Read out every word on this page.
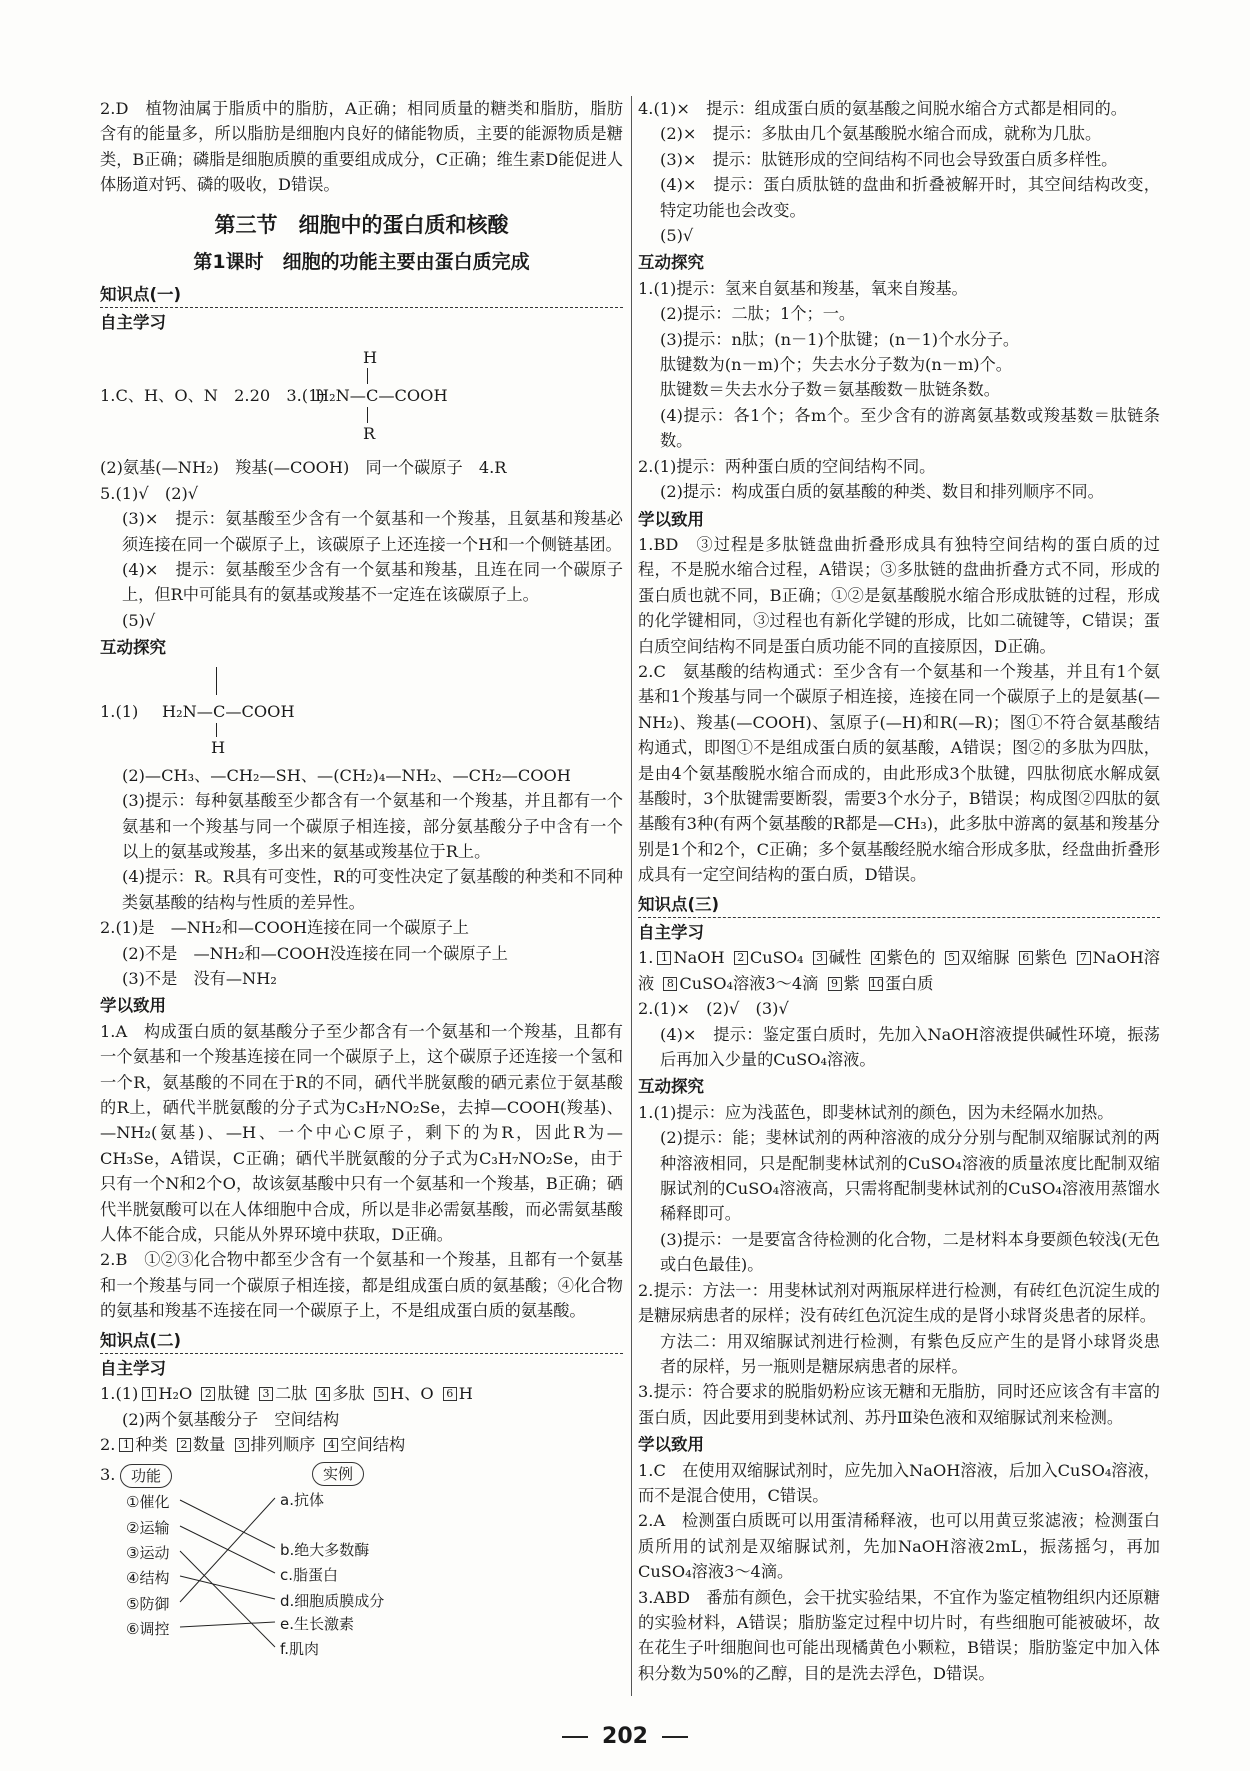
2.D　植物油属于脂质中的脂肪，A正确；相同质量的糖类和脂肪，脂肪含有的能量多，所以脂肪是细胞内良好的储能物质，主要的能源物质是糖类，B正确；磷脂是细胞质膜的重要组成成分，C正确；维生素D能促进人体肠道对钙、磷的吸收，D错误。

第三节　细胞中的蛋白质和核酸
第1课时　细胞的功能主要由蛋白质完成
知识点(一)
自主学习
1.C、H、O、N　2.20　3.(1)
H
H₂N—C—COOH
R

(2)氨基(—NH₂)　羧基(—COOH)　同一个碳原子　4.R

5.(1)√　(2)√

(3)×　提示：氨基酸至少含有一个氨基和一个羧基，且氨基和羧基必须连接在同一个碳原子上，该碳原子上还连接一个H和一个侧链基团。

(4)×　提示：氨基酸至少含有一个氨基和羧基，且连在同一个碳原子上，但R中可能具有的氨基或羧基不一定连在该碳原子上。

(5)√

互动探究
1.(1) H₂N—C—COOH
H

(2)—CH₃、—CH₂—SH、—(CH₂)₄—NH₂、—CH₂—COOH

(3)提示：每种氨基酸至少都含有一个氨基和一个羧基，并且都有一个氨基和一个羧基与同一个碳原子相连接，部分氨基酸分子中含有一个以上的氨基或羧基，多出来的氨基或羧基位于R上。

(4)提示：R。R具有可变性，R的可变性决定了氨基酸的种类和不同种类氨基酸的结构与性质的差异性。

2.(1)是　—NH₂和—COOH连接在同一个碳原子上

(2)不是　—NH₂和—COOH没连接在同一个碳原子上

(3)不是　没有—NH₂

学以致用

1.A　构成蛋白质的氨基酸分子至少都含有一个氨基和一个羧基，且都有一个氨基和一个羧基连接在同一个碳原子上，这个碳原子还连接一个氢和一个R，氨基酸的不同在于R的不同，硒代半胱氨酸的硒元素位于氨基酸的R上，硒代半胱氨酸的分子式为C₃H₇NO₂Se，去掉—COOH(羧基)、—NH₂(氨基)、—H、一个中心C原子，剩下的为R，因此R为—CH₃Se，A错误，C正确；硒代半胱氨酸的分子式为C₃H₇NO₂Se，由于只有一个N和2个O，故该氨基酸中只有一个氨基和一个羧基，B正确；硒代半胱氨酸可以在人体细胞中合成，所以是非必需氨基酸，而必需氨基酸人体不能合成，只能从外界环境中获取，D正确。

2.B　①②③化合物中都至少含有一个氨基和一个羧基，且都有一个氨基和一个羧基与同一个碳原子相连接，都是组成蛋白质的氨基酸；④化合物的氨基和羧基不连接在同一个碳原子上，不是组成蛋白质的氨基酸。

知识点(二)
自主学习

1.(1) 1 H₂O 2 肽键 3 二肽 4 多肽 5 H、O 6 H

(2)两个氨基酸分子　空间结构

2. 1 种类 2 数量 3 排列顺序 4 空间结构

3.	功能	实例
①催化
②运输
③运动
④结构
⑤防御
⑥调控
a.抗体
b.绝大多数酶
c.脂蛋白
d.细胞质膜成分
e.生长激素
f.肌肉

4.(1)×　提示：组成蛋白质的氨基酸之间脱水缩合方式都是相同的。

(2)×　提示：多肽由几个氨基酸脱水缩合而成，就称为几肽。

(3)×　提示：肽链形成的空间结构不同也会导致蛋白质多样性。

(4)×　提示：蛋白质肽链的盘曲和折叠被解开时，其空间结构改变，特定功能也会改变。

(5)√

互动探究

1.(1)提示：氢来自氨基和羧基，氧来自羧基。

(2)提示：二肽；1个；一。

(3)提示：n肽；(n－1)个肽键；(n－1)个水分子。

肽键数为(n－m)个；失去水分子数为(n－m)个。

肽键数＝失去水分子数＝氨基酸数－肽链条数。

(4)提示：各1个；各m个。至少含有的游离氨基数或羧基数＝肽链条数。

2.(1)提示：两种蛋白质的空间结构不同。

(2)提示：构成蛋白质的氨基酸的种类、数目和排列顺序不同。

学以致用

1.BD　③过程是多肽链盘曲折叠形成具有独特空间结构的蛋白质的过程，不是脱水缩合过程，A错误；③多肽链的盘曲折叠方式不同，形成的蛋白质也就不同，B正确；①②是氨基酸脱水缩合形成肽链的过程，形成的化学键相同，③过程也有新化学键的形成，比如二硫键等，C错误；蛋白质空间结构不同是蛋白质功能不同的直接原因，D正确。

2.C　氨基酸的结构通式：至少含有一个氨基和一个羧基，并且有1个氨基和1个羧基与同一个碳原子相连接，连接在同一个碳原子上的是氨基(—NH₂)、羧基(—COOH)、氢原子(—H)和R(—R)；图①不符合氨基酸结构通式，即图①不是组成蛋白质的氨基酸，A错误；图②的多肽为四肽，是由4个氨基酸脱水缩合而成的，由此形成3个肽键，四肽彻底水解成氨基酸时，3个肽键需要断裂，需要3个水分子，B错误；构成图②四肽的氨基酸有3种(有两个氨基酸的R都是—CH₃)，此多肽中游离的氨基和羧基分别是1个和2个，C正确；多个氨基酸经脱水缩合形成多肽，经盘曲折叠形成具有一定空间结构的蛋白质，D错误。

知识点(三)
自主学习

1. 1 NaOH 2 CuSO₄ 3 碱性 4 紫色的 5 双缩脲 6 紫色 7 NaOH溶液 8 CuSO₄溶液3～4滴 9 紫 10蛋白质

2.(1)×　(2)√　(3)√

(4)×　提示：鉴定蛋白质时，先加入NaOH溶液提供碱性环境，振荡后再加入少量的CuSO₄溶液。

互动探究

1.(1)提示：应为浅蓝色，即斐林试剂的颜色，因为未经隔水加热。

(2)提示：能；斐林试剂的两种溶液的成分分别与配制双缩脲试剂的两种溶液相同，只是配制斐林试剂的CuSO₄溶液的质量浓度比配制双缩脲试剂的CuSO₄溶液高，只需将配制斐林试剂的CuSO₄溶液用蒸馏水稀释即可。

(3)提示：一是要富含待检测的化合物，二是材料本身要颜色较浅(无色或白色最佳)。

2.提示：方法一：用斐林试剂对两瓶尿样进行检测，有砖红色沉淀生成的是糖尿病患者的尿样；没有砖红色沉淀生成的是肾小球肾炎患者的尿样。

方法二：用双缩脲试剂进行检测，有紫色反应产生的是肾小球肾炎患者的尿样，另一瓶则是糖尿病患者的尿样。

3.提示：符合要求的脱脂奶粉应该无糖和无脂肪，同时还应该含有丰富的蛋白质，因此要用到斐林试剂、苏丹Ⅲ染色液和双缩脲试剂来检测。

学以致用

1.C　在使用双缩脲试剂时，应先加入NaOH溶液，后加入CuSO₄溶液，而不是混合使用，C错误。

2.A　检测蛋白质既可以用蛋清稀释液，也可以用黄豆浆滤液；检测蛋白质所用的试剂是双缩脲试剂，先加NaOH溶液2mL，振荡摇匀，再加CuSO₄溶液3～4滴。

3.ABD　番茄有颜色，会干扰实验结果，不宜作为鉴定植物组织内还原糖的实验材料，A错误；脂肪鉴定过程中切片时，有些细胞可能被破坏，故在花生子叶细胞间也可能出现橘黄色小颗粒，B错误；脂肪鉴定中加入体积分数为50%的乙醇，目的是洗去浮色，D错误。

202
